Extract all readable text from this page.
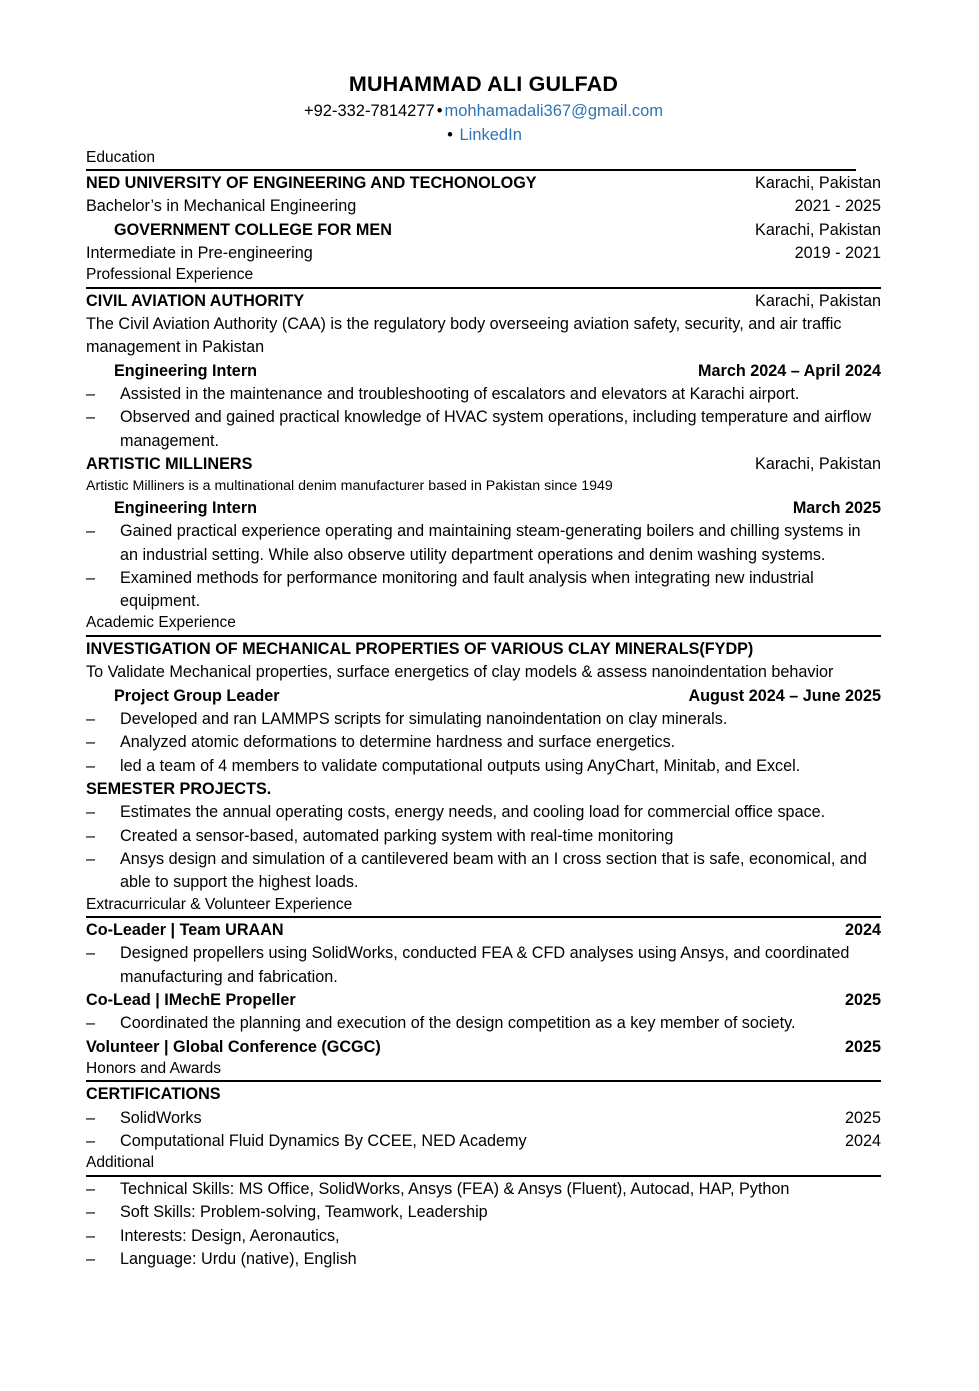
MUHAMMAD ALI GULFAD
+92-332-7814277 • mohhamadali367@gmail.com
• LinkedIn
Education
NED UNIVERSITY OF ENGINEERING AND TECHONOLOGY	Karachi, Pakistan
Bachelor’s in Mechanical Engineering	2021 - 2025
GOVERNMENT COLLEGE FOR MEN	Karachi, Pakistan
Intermediate in Pre-engineering	2019 - 2021
Professional Experience
CIVIL AVIATION AUTHORITY	Karachi, Pakistan
The Civil Aviation Authority (CAA) is the regulatory body overseeing aviation safety, security, and air traffic management in Pakistan
Engineering Intern	March 2024 – April 2024
–	Assisted in the maintenance and troubleshooting of escalators and elevators at Karachi airport.
–	Observed and gained practical knowledge of HVAC system operations, including temperature and airflow management.
ARTISTIC MILLINERS	Karachi, Pakistan
Artistic Milliners is a multinational denim manufacturer based in Pakistan since 1949
Engineering Intern	March 2025
–	Gained practical experience operating and maintaining steam-generating boilers and chilling systems in an industrial setting. While also observe utility department operations and denim washing systems.
–	Examined methods for performance monitoring and fault analysis when integrating new industrial equipment.
Academic Experience
INVESTIGATION OF MECHANICAL PROPERTIES OF VARIOUS CLAY MINERALS(FYDP)
To Validate Mechanical properties, surface energetics of clay models & assess nanoindentation behavior
Project Group Leader	August 2024 – June 2025
–	Developed and ran LAMMPS scripts for simulating nanoindentation on clay minerals.
–	Analyzed atomic deformations to determine hardness and surface energetics.
–	led a team of 4 members to validate computational outputs using AnyChart, Minitab, and Excel.
SEMESTER PROJECTS.
–	Estimates the annual operating costs, energy needs, and cooling load for commercial office space.
–	Created a sensor-based, automated parking system with real-time monitoring
–	Ansys design and simulation of a cantilevered beam with an I cross section that is safe, economical, and able to support the highest loads.
Extracurricular & Volunteer Experience
Co-Leader | Team URAAN	2024
–	Designed propellers using SolidWorks, conducted FEA & CFD analyses using Ansys, and coordinated manufacturing and fabrication.
Co-Lead | IMechE Propeller	2025
–	Coordinated the planning and execution of the design competition as a key member of society.
Volunteer | Global Conference (GCGC)	2025
Honors and Awards
CERTIFICATIONS
–	SolidWorks	2025
–	Computational Fluid Dynamics By CCEE, NED Academy	2024
Additional
–	Technical Skills: MS Office, SolidWorks, Ansys (FEA) & Ansys (Fluent), Autocad, HAP, Python
–	Soft Skills: Problem-solving, Teamwork, Leadership
–	Interests: Design, Aeronautics,
–	Language: Urdu (native), English
